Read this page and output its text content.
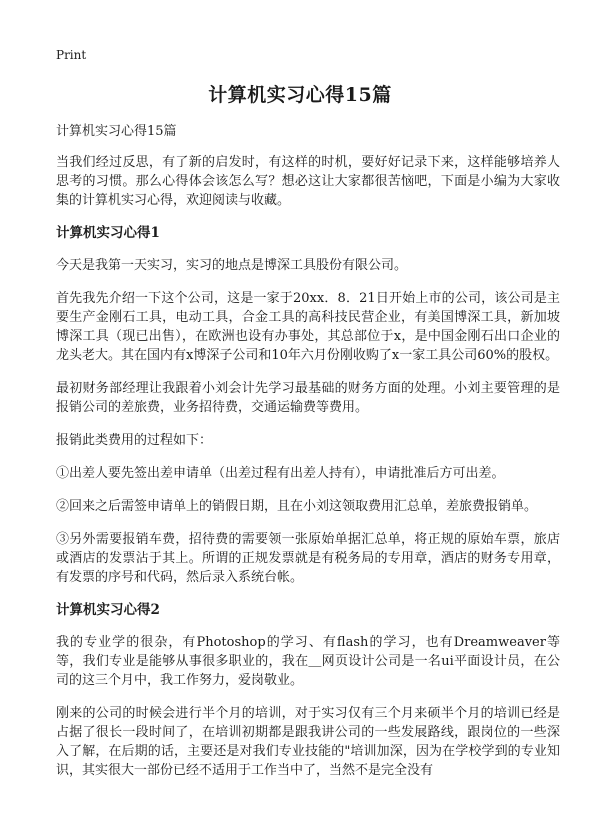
Print
计算机实习心得15篇
计算机实习心得15篇

当我们经过反思，有了新的启发时，有这样的时机，要好好记录下来，这样能够培养人思考的习惯。那么心得体会该怎么写？想必这让大家都很苦恼吧，下面是小编为大家收集的计算机实习心得，欢迎阅读与收藏。

计算机实习心得1

今天是我第一天实习，实习的地点是博深工具股份有限公司。

首先我先介绍一下这个公司，这是一家于20xx．8．21日开始上市的公司，该公司是主要生产金刚石工具，电动工具，合金工具的高科技民营企业，有美国博深工具，新加坡博深工具（现已出售），在欧洲也设有办事处，其总部位于x，是中国金刚石出口企业的龙头老大。其在国内有x博深子公司和10年六月份刚收购了x一家工具公司60%的股权。

最初财务部经理让我跟着小刘会计先学习最基础的财务方面的处理。小刘主要管理的是报销公司的差旅费，业务招待费，交通运输费等费用。

报销此类费用的过程如下：

①出差人要先签出差申请单（出差过程有出差人持有），申请批准后方可出差。

②回来之后需签申请单上的销假日期，且在小刘这领取费用汇总单，差旅费报销单。

③另外需要报销车费，招待费的需要领一张原始单据汇总单，将正规的原始车票，旅店或酒店的发票沾于其上。所谓的正规发票就是有税务局的专用章，酒店的财务专用章，有发票的序号和代码，然后录入系统台帐。

计算机实习心得2

我的专业学的很杂，有Photoshop的学习、有flash的学习，也有Dreamweaver等等，我们专业是能够从事很多职业的，我在＿网页设计公司是一名ui平面设计员，在公司的这三个月中，我工作努力，爱岗敬业。

刚来的公司的时候会进行半个月的培训，对于实习仅有三个月来硕半个月的培训已经是占据了很长一段时间了，在培训初期都是跟我讲公司的一些发展路线，跟岗位的一些深入了解，在后期的话，主要还是对我们专业技能的"培训加深，因为在学校学到的专业知识，其实很大一部份已经不适用于工作当中了，当然不是完全没有
